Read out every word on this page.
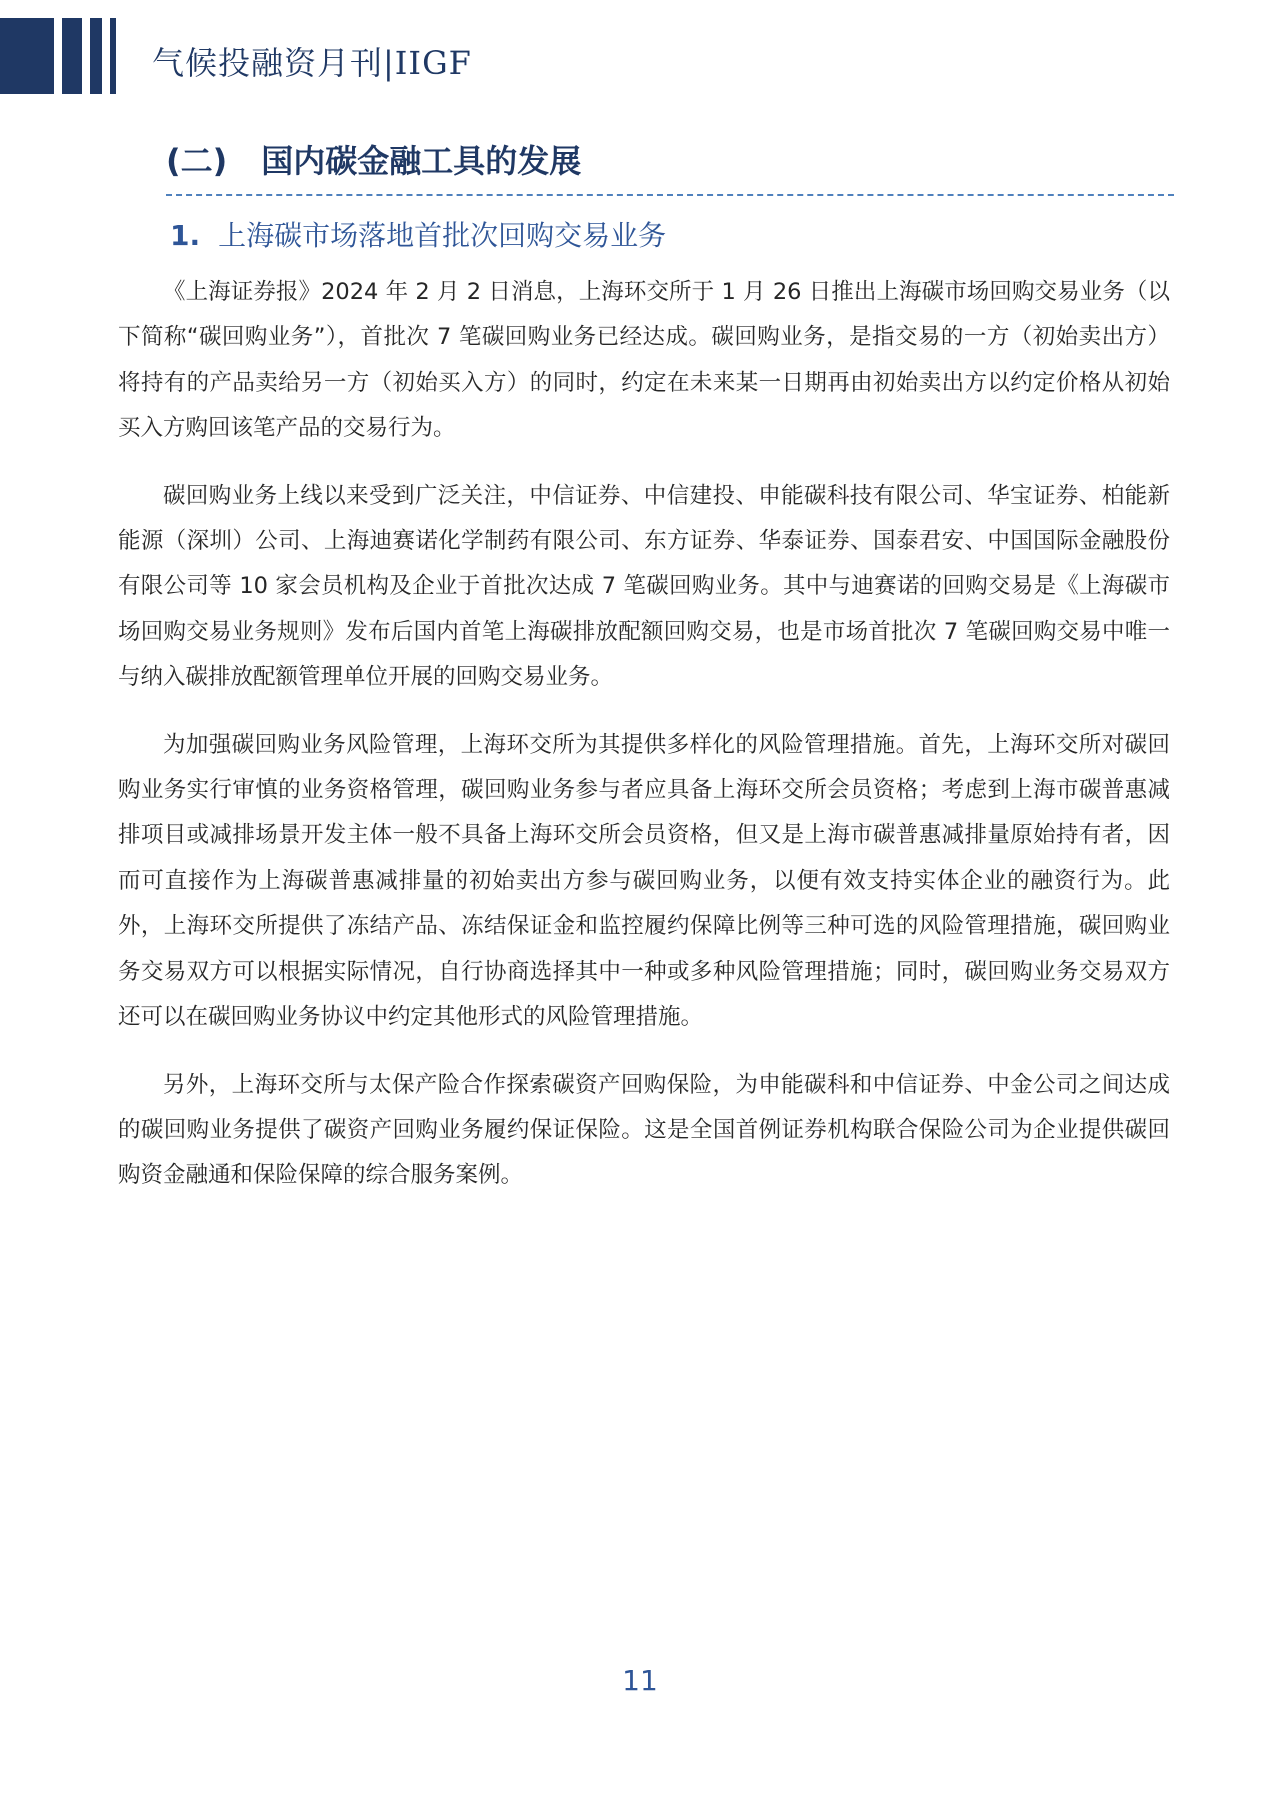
气候投融资月刊|IIGF
(二) 国内碳金融工具的发展
1. 上海碳市场落地首批次回购交易业务

《上海证券报》2024 年 2 月 2 日消息，上海环交所于 1 月 26 日推出上海碳市场回购交易业务（以下简称“碳回购业务”），首批次 7 笔碳回购业务已经达成。碳回购业务，是指交易的一方（初始卖出方）将持有的产品卖给另一方（初始买入方）的同时，约定在未来某一日期再由初始卖出方以约定价格从初始买入方购回该笔产品的交易行为。

碳回购业务上线以来受到广泛关注，中信证券、中信建投、申能碳科技有限公司、华宝证券、柏能新能源（深圳）公司、上海迪赛诺化学制药有限公司、东方证券、华泰证券、国泰君安、中国国际金融股份有限公司等 10 家会员机构及企业于首批次达成 7 笔碳回购业务。其中与迪赛诺的回购交易是《上海碳市场回购交易业务规则》发布后国内首笔上海碳排放配额回购交易，也是市场首批次 7 笔碳回购交易中唯一与纳入碳排放配额管理单位开展的回购交易业务。

为加强碳回购业务风险管理，上海环交所为其提供多样化的风险管理措施。首先，上海环交所对碳回购业务实行审慎的业务资格管理，碳回购业务参与者应具备上海环交所会员资格；考虑到上海市碳普惠减排项目或减排场景开发主体一般不具备上海环交所会员资格，但又是上海市碳普惠减排量原始持有者，因而可直接作为上海碳普惠减排量的初始卖出方参与碳回购业务，以便有效支持实体企业的融资行为。此外，上海环交所提供了冻结产品、冻结保证金和监控履约保障比例等三种可选的风险管理措施，碳回购业务交易双方可以根据实际情况，自行协商选择其中一种或多种风险管理措施；同时，碳回购业务交易双方还可以在碳回购业务协议中约定其他形式的风险管理措施。

另外，上海环交所与太保产险合作探索碳资产回购保险，为申能碳科和中信证券、中金公司之间达成的碳回购业务提供了碳资产回购业务履约保证保险。这是全国首例证券机构联合保险公司为企业提供碳回购资金融通和保险保障的综合服务案例。

11
